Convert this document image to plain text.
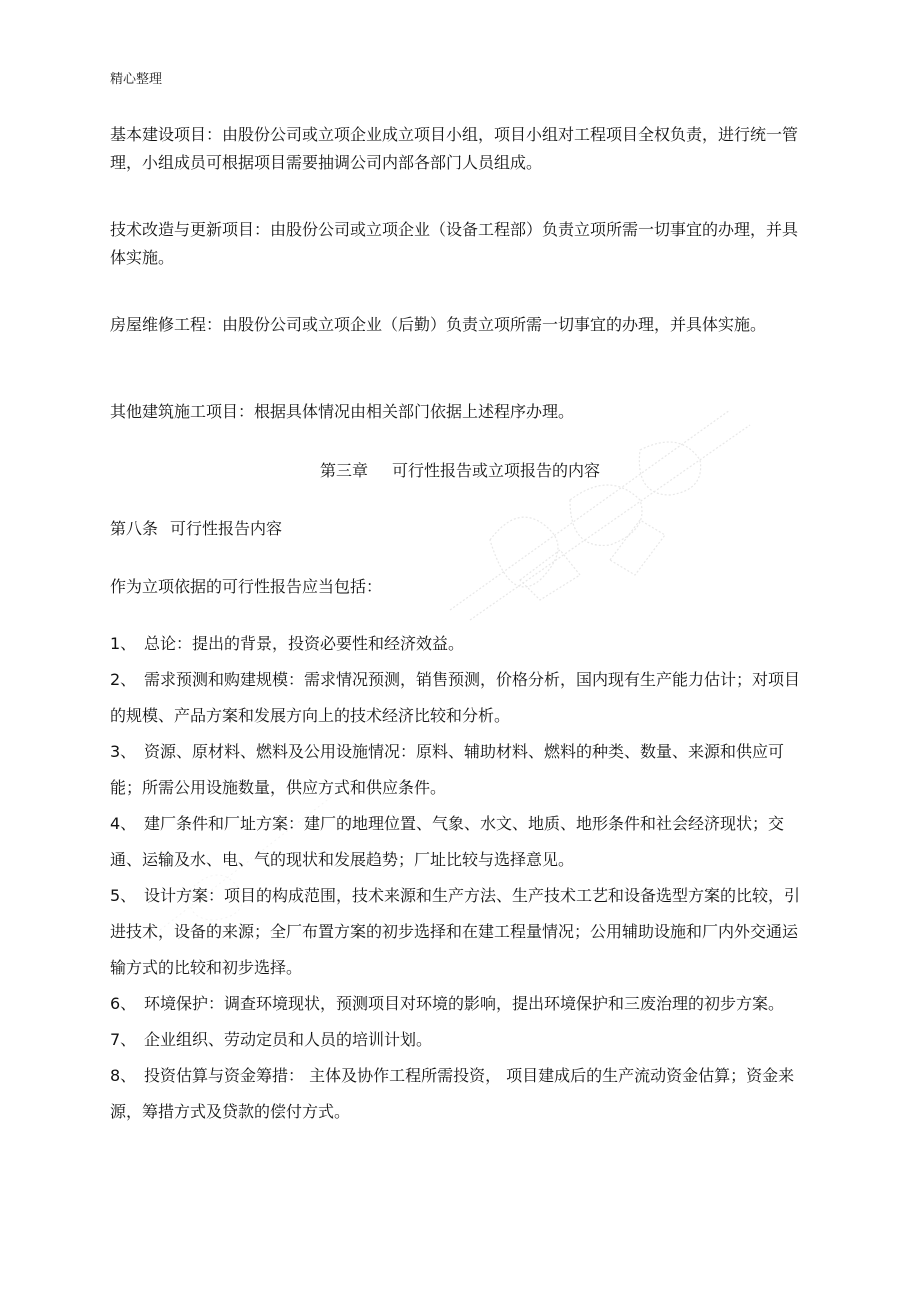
精心整理

基本建设项目：由股份公司或立项企业成立项目小组，项目小组对工程项目全权负责，进行统一管理，小组成员可根据项目需要抽调公司内部各部门人员组成。

技术改造与更新项目：由股份公司或立项企业（设备工程部）负责立项所需一切事宜的办理，并具体实施。

房屋维修工程：由股份公司或立项企业（后勤）负责立项所需一切事宜的办理，并具体实施。

其他建筑施工项目：根据具体情况由相关部门依据上述程序办理。

第三章 可行性报告或立项报告的内容
第八条 可行性报告内容

作为立项依据的可行性报告应当包括：

1、 总论：提出的背景，投资必要性和经济效益。
2、 需求预测和购建规模：需求情况预测，销售预测，价格分析，国内现有生产能力估计；对项目的规模、产品方案和发展方向上的技术经济比较和分析。
3、 资源、原材料、燃料及公用设施情况：原料、辅助材料、燃料的种类、数量、来源和供应可能；所需公用设施数量，供应方式和供应条件。
4、 建厂条件和厂址方案：建厂的地理位置、气象、水文、地质、地形条件和社会经济现状；交通、运输及水、电、气的现状和发展趋势；厂址比较与选择意见。
5、 设计方案：项目的构成范围，技术来源和生产方法、生产技术工艺和设备选型方案的比较，引进技术，设备的来源；全厂布置方案的初步选择和在建工程量情况；公用辅助设施和厂内外交通运输方式的比较和初步选择。
6、 环境保护：调查环境现状，预测项目对环境的影响，提出环境保护和三废治理的初步方案。
7、 企业组织、劳动定员和人员的培训计划。
8、 投资估算与资金筹措： 主体及协作工程所需投资， 项目建成后的生产流动资金估算；资金来源，筹措方式及贷款的偿付方式。
